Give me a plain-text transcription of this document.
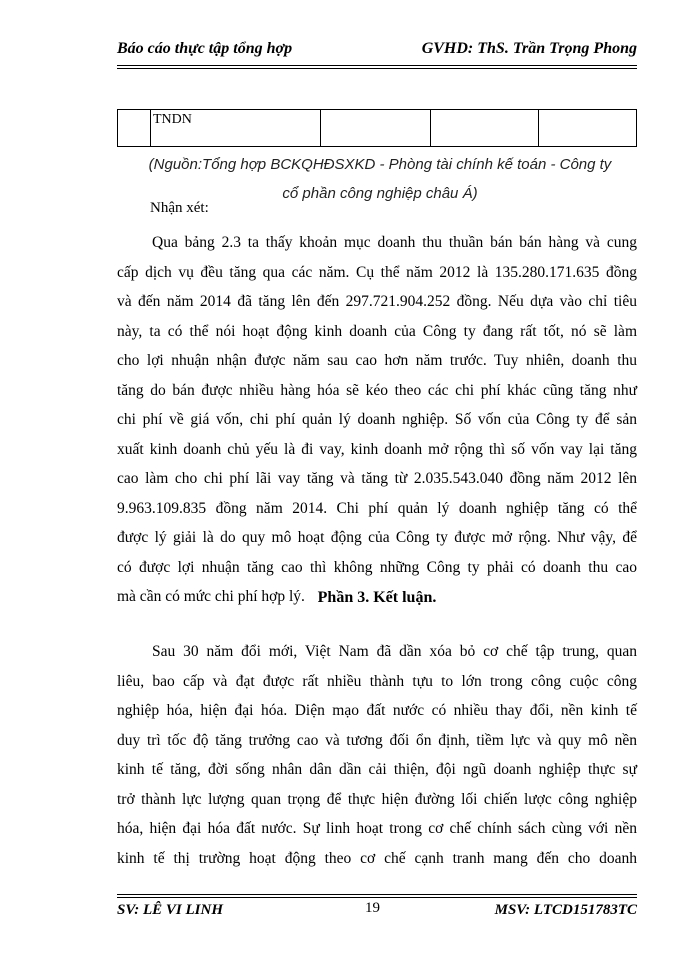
Báo cáo thực tập tổng hợp	GVHD: ThS. Trần Trọng Phong
	TNDN			
(Nguồn:Tổng hợp BCKQHĐSXKD - Phòng tài chính kế toán - Công ty
cổ phần công nghiệp châu Á)
Nhận xét:
Qua bảng 2.3 ta thấy khoản mục doanh thu thuần bán bán hàng và cung
cấp dịch vụ đều tăng qua các năm. Cụ thể năm 2012 là 135.280.171.635 đồng
và đến năm 2014 đã tăng lên đến 297.721.904.252 đồng. Nếu dựa vào chỉ tiêu
này, ta có thể nói hoạt động kinh doanh của Công ty đang rất tốt, nó sẽ làm
cho lợi nhuận nhận được năm sau cao hơn năm trước. Tuy nhiên, doanh thu
tăng do bán được nhiều hàng hóa sẽ kéo theo các chi phí khác cũng tăng như
chi phí về giá vốn, chi phí quản lý doanh nghiệp. Số vốn của Công ty để sản
xuất kinh doanh chủ yếu là đi vay, kinh doanh mở rộng thì số vốn vay lại tăng
cao làm cho chi phí lãi vay tăng và tăng từ 2.035.543.040 đồng năm 2012 lên
9.963.109.835 đồng năm 2014. Chi phí quản lý doanh nghiệp tăng có thể
được lý giải là do quy mô hoạt động của Công ty được mở rộng. Như vậy, để
có được lợi nhuận tăng cao thì không những Công ty phải có doanh thu cao
mà cần có mức chi phí hợp lý. Phần 3. Kết luận.
Sau 30 năm đổi mới, Việt Nam đã dần xóa bỏ cơ chế tập trung, quan
liêu, bao cấp và đạt được rất nhiều thành tựu to lớn trong công cuộc công
nghiệp hóa, hiện đại hóa. Diện mạo đất nước có nhiều thay đổi, nền kinh tế
duy trì tốc độ tăng trưởng cao và tương đối ổn định, tiềm lực và quy mô nền
kinh tế tăng, đời sống nhân dân dần cải thiện, đội ngũ doanh nghiệp thực sự
trở thành lực lượng quan trọng để thực hiện đường lối chiến lược công nghiệp
hóa, hiện đại hóa đất nước. Sự linh hoạt trong cơ chế chính sách cùng với nền
kinh tế thị trường hoạt động theo cơ chế cạnh tranh mang đến cho doanh
SV: LÊ VI LINH	19	MSV: LTCD151783TC
